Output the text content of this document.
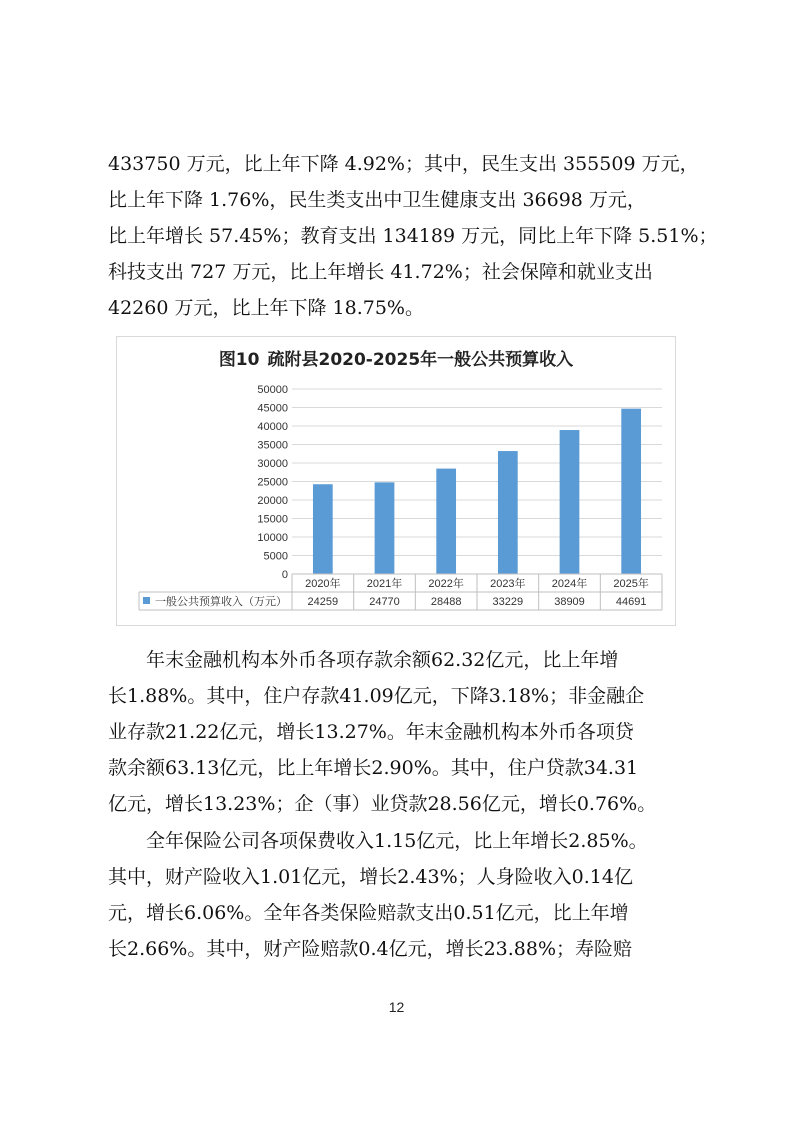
433750 万元，比上年下降 4.92%；其中，民生支出 355509 万元，
比上年下降 1.76%，民生类支出中卫生健康支出 36698 万元，
比上年增长 57.45%；教育支出 134189 万元，同比上年下降 5.51%；
科技支出 727 万元，比上年增长 41.72%；社会保障和就业支出
42260 万元，比上年下降 18.75%。
0
5000
10000
15000
20000
25000
30000
35000
40000
45000
50000
2020年
24259
2021年
24770
2022年
28488
2023年
33229
2024年
38909
2025年
44691
一般公共预算收入（万元）
图10 疏附县2020-2025年一般公共预算收入
年末金融机构本外币各项存款余额62.32亿元，比上年增
长1.88%。其中，住户存款41.09亿元，下降3.18%；非金融企
业存款21.22亿元，增长13.27%。年末金融机构本外币各项贷
款余额63.13亿元，比上年增长2.90%。其中，住户贷款34.31
亿元，增长13.23%；企（事）业贷款28.56亿元，增长0.76%。
全年保险公司各项保费收入1.15亿元，比上年增长2.85%。
其中，财产险收入1.01亿元，增长2.43%；人身险收入0.14亿
元，增长6.06%。全年各类保险赔款支出0.51亿元，比上年增
长2.66%。其中，财产险赔款0.4亿元，增长23.88%；寿险赔
12
